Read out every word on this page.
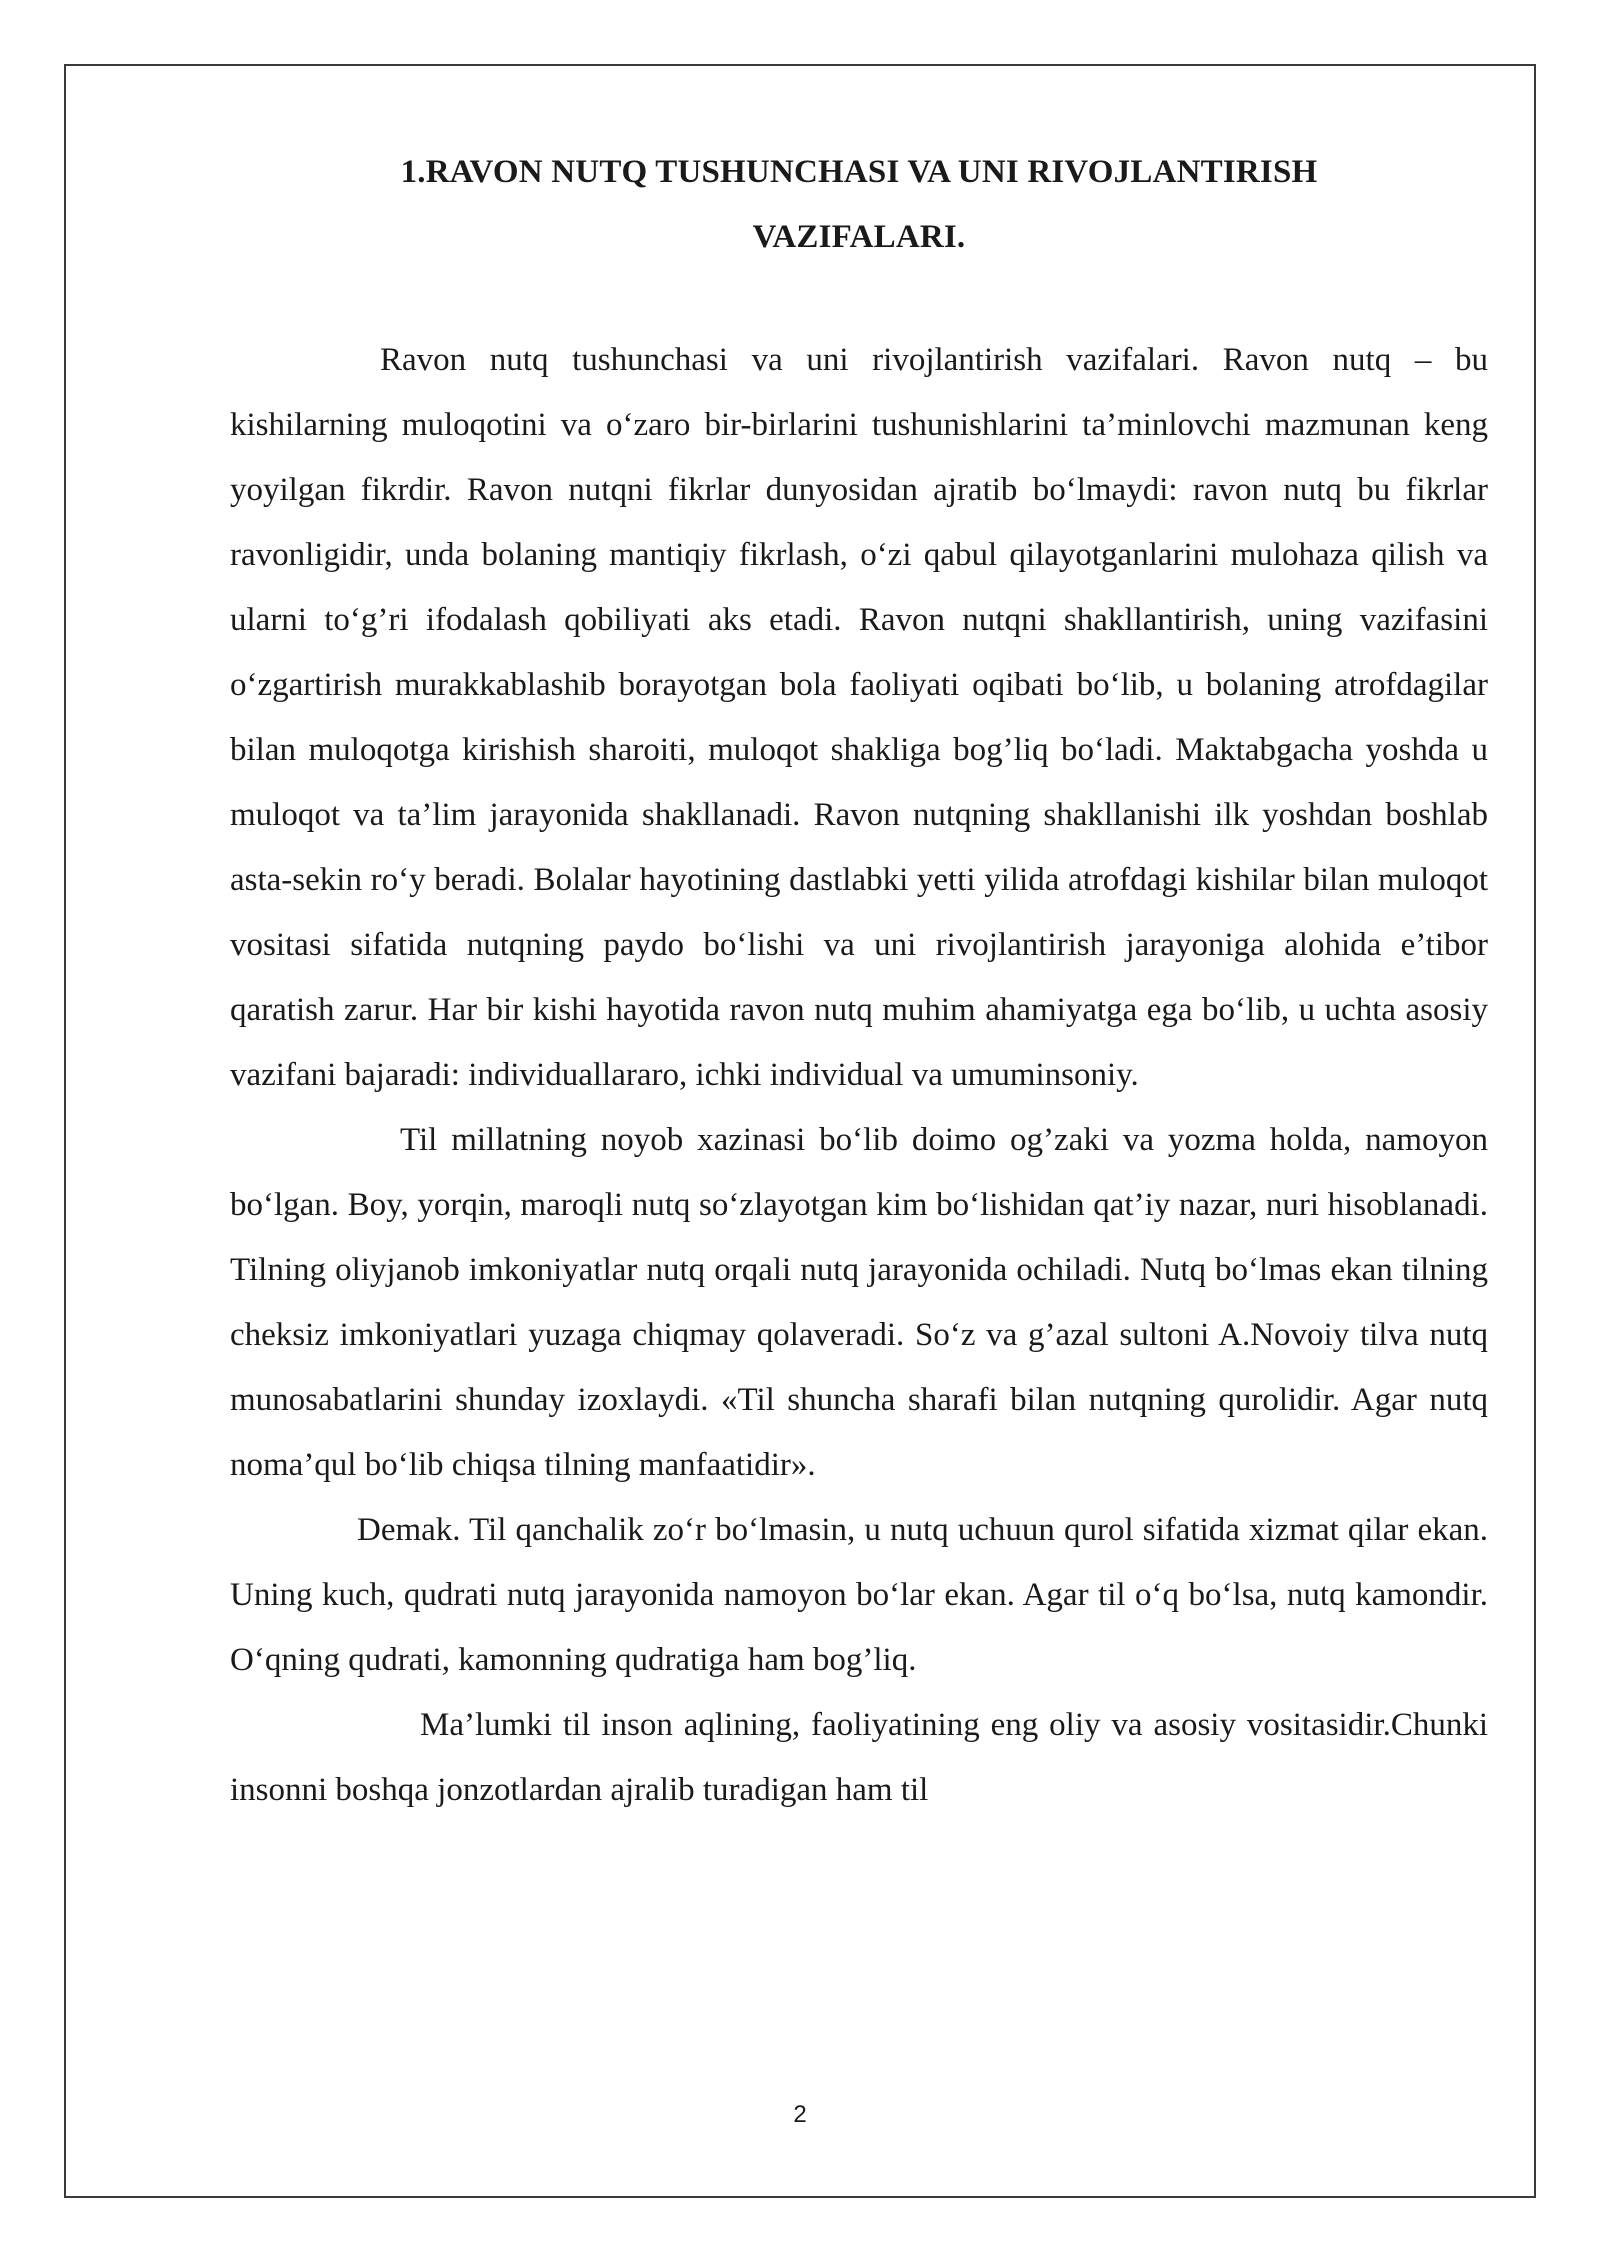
1.RAVON NUTQ TUSHUNCHASI VA UNI RIVOJLANTIRISH
VAZIFALARI.

Ravon nutq tushunchasi va uni rivojlantirish vazifalari. Ravon nutq – bu kishilarning muloqotini va o‘zaro bir-birlarini tushunishlarini ta’minlovchi mazmunan keng yoyilgan fikrdir. Ravon nutqni fikrlar dunyosidan ajratib bo‘lmaydi: ravon nutq bu fikrlar ravonligidir, unda bolaning mantiqiy fikrlash, o‘zi qabul qilayotganlarini mulohaza qilish va ularni to‘g’ri ifodalash qobiliyati aks etadi. Ravon nutqni shakllantirish, uning vazifasini o‘zgartirish murakkablashib borayotgan bola faoliyati oqibati bo‘lib, u bolaning atrofdagilar bilan muloqotga kirishish sharoiti, muloqot shakliga bog’liq bo‘ladi. Maktabgacha yoshda u muloqot va ta’lim jarayonida shakllanadi. Ravon nutqning shakllanishi ilk yoshdan boshlab asta-sekin ro‘y beradi. Bolalar hayotining dastlabki yetti yilida atrofdagi kishilar bilan muloqot vositasi sifatida nutqning paydo bo‘lishi va uni rivojlantirish jarayoniga alohida e’tibor qaratish zarur. Har bir kishi hayotida ravon nutq muhim ahamiyatga ega bo‘lib, u uchta asosiy vazifani bajaradi: individuallararo, ichki individual va umuminsoniy.

Til millatning noyob xazinasi bo‘lib doimo og’zaki va yozma holda, namoyon bo‘lgan. Boy, yorqin, maroqli nutq so‘zlayotgan kim bo‘lishidan qat’iy nazar, nuri hisoblanadi. Tilning oliyjanob imkoniyatlar nutq orqali nutq jarayonida ochiladi. Nutq bo‘lmas ekan tilning cheksiz imkoniyatlari yuzaga chiqmay qolaveradi. So‘z va g’azal sultoni A.Novoiy tilva nutq munosabatlarini shunday izoxlaydi. «Til shuncha sharafi bilan nutqning qurolidir. Agar nutq noma’qul bo‘lib chiqsa tilning manfaatidir».

Demak. Til qanchalik zo‘r bo‘lmasin, u nutq uchuun qurol sifatida xizmat qilar ekan. Uning kuch, qudrati nutq jarayonida namoyon bo‘lar ekan. Agar til o‘q bo‘lsa, nutq kamondir. O‘qning qudrati, kamonning qudratiga ham bog’liq.

Ma’lumki til inson aqlining, faoliyatining eng oliy va asosiy vositasidir.Chunki insonni boshqa jonzotlardan ajralib turadigan ham til

2
